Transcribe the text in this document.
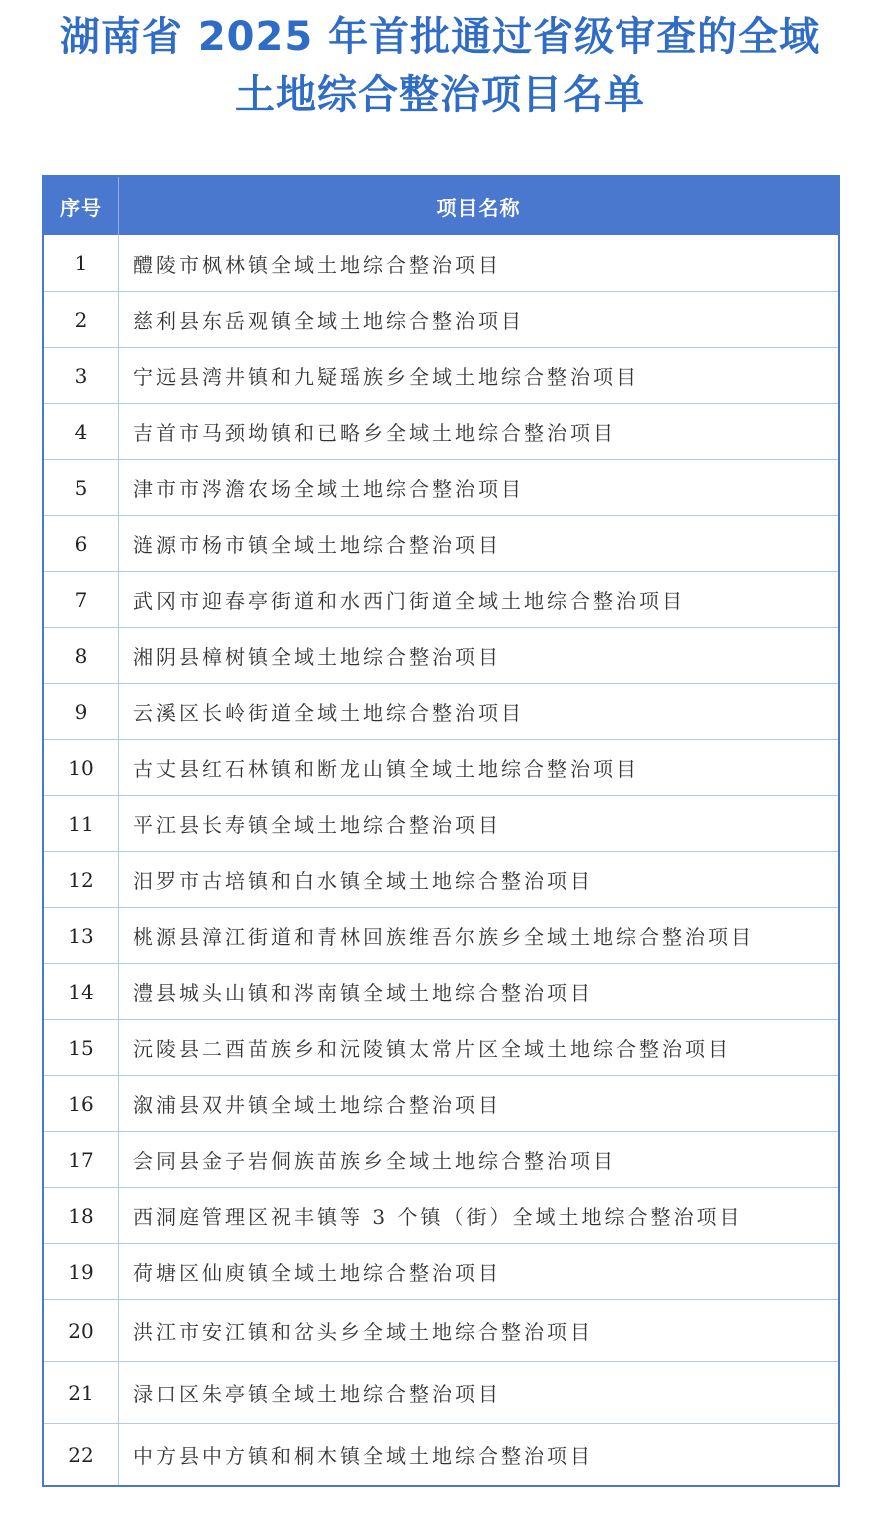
湖南省 2025 年首批通过省级审查的全域
土地综合整治项目名单
序号	项目名称
1	醴陵市枫林镇全域土地综合整治项目
2	慈利县东岳观镇全域土地综合整治项目
3	宁远县湾井镇和九疑瑶族乡全域土地综合整治项目
4	吉首市马颈坳镇和已略乡全域土地综合整治项目
5	津市市涔澹农场全域土地综合整治项目
6	涟源市杨市镇全域土地综合整治项目
7	武冈市迎春亭街道和水西门街道全域土地综合整治项目
8	湘阴县樟树镇全域土地综合整治项目
9	云溪区长岭街道全域土地综合整治项目
10	古丈县红石林镇和断龙山镇全域土地综合整治项目
11	平江县长寿镇全域土地综合整治项目
12	汨罗市古培镇和白水镇全域土地综合整治项目
13	桃源县漳江街道和青林回族维吾尔族乡全域土地综合整治项目
14	澧县城头山镇和涔南镇全域土地综合整治项目
15	沅陵县二酉苗族乡和沅陵镇太常片区全域土地综合整治项目
16	溆浦县双井镇全域土地综合整治项目
17	会同县金子岩侗族苗族乡全域土地综合整治项目
18	西洞庭管理区祝丰镇等 3 个镇（街）全域土地综合整治项目
19	荷塘区仙庾镇全域土地综合整治项目
20	洪江市安江镇和岔头乡全域土地综合整治项目
21	渌口区朱亭镇全域土地综合整治项目
22	中方县中方镇和桐木镇全域土地综合整治项目
